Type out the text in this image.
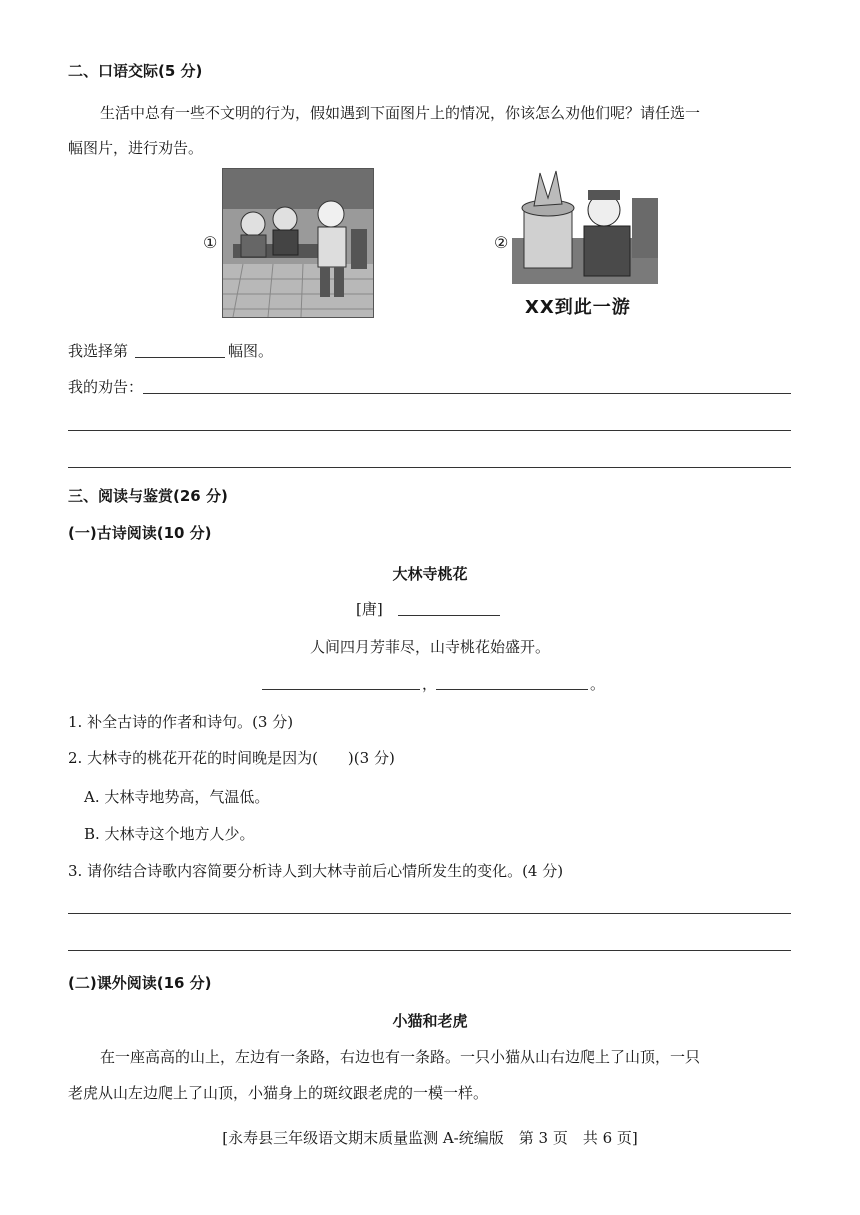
二、口语交际(5 分)
生活中总有一些不文明的行为，假如遇到下面图片上的情况，你该怎么劝他们呢？请任选一
幅图片，进行劝告。
①	②
XX到此一游
我选择第	幅图。
我的劝告：
三、阅读与鉴赏(26 分)
(一)古诗阅读(10 分)
大林寺桃花
[唐]
人间四月芳菲尽，山寺桃花始盛开。
，	。
1. 补全古诗的作者和诗句。(3 分)
2. 大林寺的桃花开花的时间晚是因为(　　)(3 分)
A. 大林寺地势高，气温低。
B. 大林寺这个地方人少。
3. 请你结合诗歌内容简要分析诗人到大林寺前后心情所发生的变化。(4 分)
(二)课外阅读(16 分)
小猫和老虎
在一座高高的山上，左边有一条路，右边也有一条路。一只小猫从山右边爬上了山顶，一只
老虎从山左边爬上了山顶，小猫身上的斑纹跟老虎的一模一样。
[永寿县三年级语文期末质量监测 A-统编版　第 3 页　共 6 页]
